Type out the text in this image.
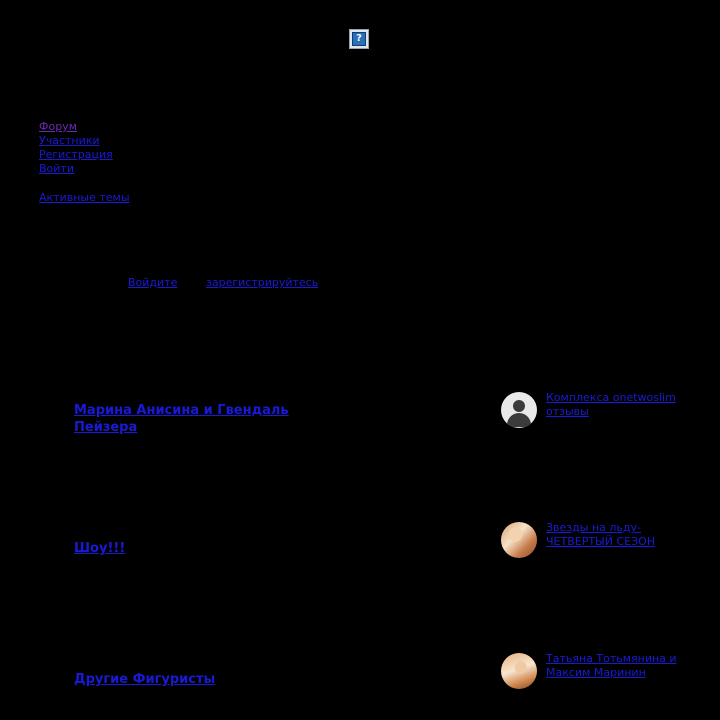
?
Форум
Участники
Регистрация
Войти
Активные темы
Войдите	зарегистрируйтесь
Марина Анисина и Гвендаль Пейзера
Шоу!!!
Другие Фигуристы
Комплекса onetwoslim отзывы
Звезды на льду- ЧЕТВЕРТЫЙ СЕЗОН
Татьяна Тотьмянина и Максим Маринин
